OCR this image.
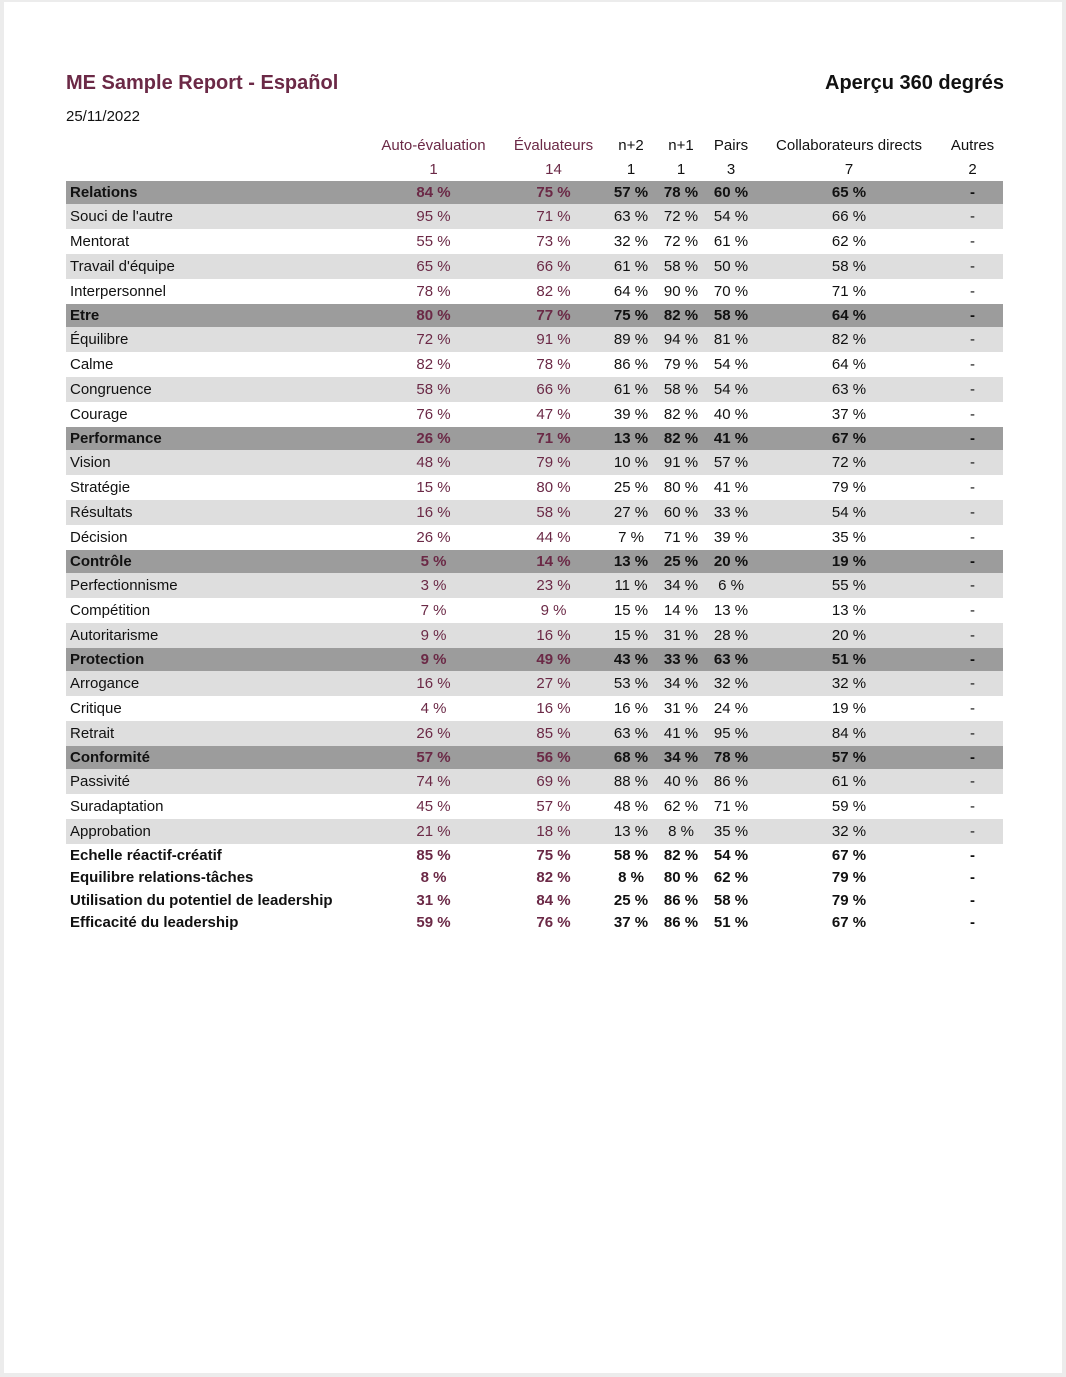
ME Sample Report - Español	Aperçu 360 degrés
25/11/2022
	Auto-évaluation	Évaluateurs	n+2	n+1	Pairs	Collaborateurs directs	Autres
	1	14	1	1	3	7	2
Relations	84 %	75 %	57 %	78 %	60 %	65 %	-
Souci de l'autre	95 %	71 %	63 %	72 %	54 %	66 %	-
Mentorat	55 %	73 %	32 %	72 %	61 %	62 %	-
Travail d'équipe	65 %	66 %	61 %	58 %	50 %	58 %	-
Interpersonnel	78 %	82 %	64 %	90 %	70 %	71 %	-
Etre	80 %	77 %	75 %	82 %	58 %	64 %	-
Équilibre	72 %	91 %	89 %	94 %	81 %	82 %	-
Calme	82 %	78 %	86 %	79 %	54 %	64 %	-
Congruence	58 %	66 %	61 %	58 %	54 %	63 %	-
Courage	76 %	47 %	39 %	82 %	40 %	37 %	-
Performance	26 %	71 %	13 %	82 %	41 %	67 %	-
Vision	48 %	79 %	10 %	91 %	57 %	72 %	-
Stratégie	15 %	80 %	25 %	80 %	41 %	79 %	-
Résultats	16 %	58 %	27 %	60 %	33 %	54 %	-
Décision	26 %	44 %	7 %	71 %	39 %	35 %	-
Contrôle	5 %	14 %	13 %	25 %	20 %	19 %	-
Perfectionnisme	3 %	23 %	11 %	34 %	6 %	55 %	-
Compétition	7 %	9 %	15 %	14 %	13 %	13 %	-
Autoritarisme	9 %	16 %	15 %	31 %	28 %	20 %	-
Protection	9 %	49 %	43 %	33 %	63 %	51 %	-
Arrogance	16 %	27 %	53 %	34 %	32 %	32 %	-
Critique	4 %	16 %	16 %	31 %	24 %	19 %	-
Retrait	26 %	85 %	63 %	41 %	95 %	84 %	-
Conformité	57 %	56 %	68 %	34 %	78 %	57 %	-
Passivité	74 %	69 %	88 %	40 %	86 %	61 %	-
Suradaptation	45 %	57 %	48 %	62 %	71 %	59 %	-
Approbation	21 %	18 %	13 %	8 %	35 %	32 %	-
Echelle réactif-créatif	85 %	75 %	58 %	82 %	54 %	67 %	-
Equilibre relations-tâches	8 %	82 %	8 %	80 %	62 %	79 %	-
Utilisation du potentiel de leadership	31 %	84 %	25 %	86 %	58 %	79 %	-
Efficacité du leadership	59 %	76 %	37 %	86 %	51 %	67 %	-
